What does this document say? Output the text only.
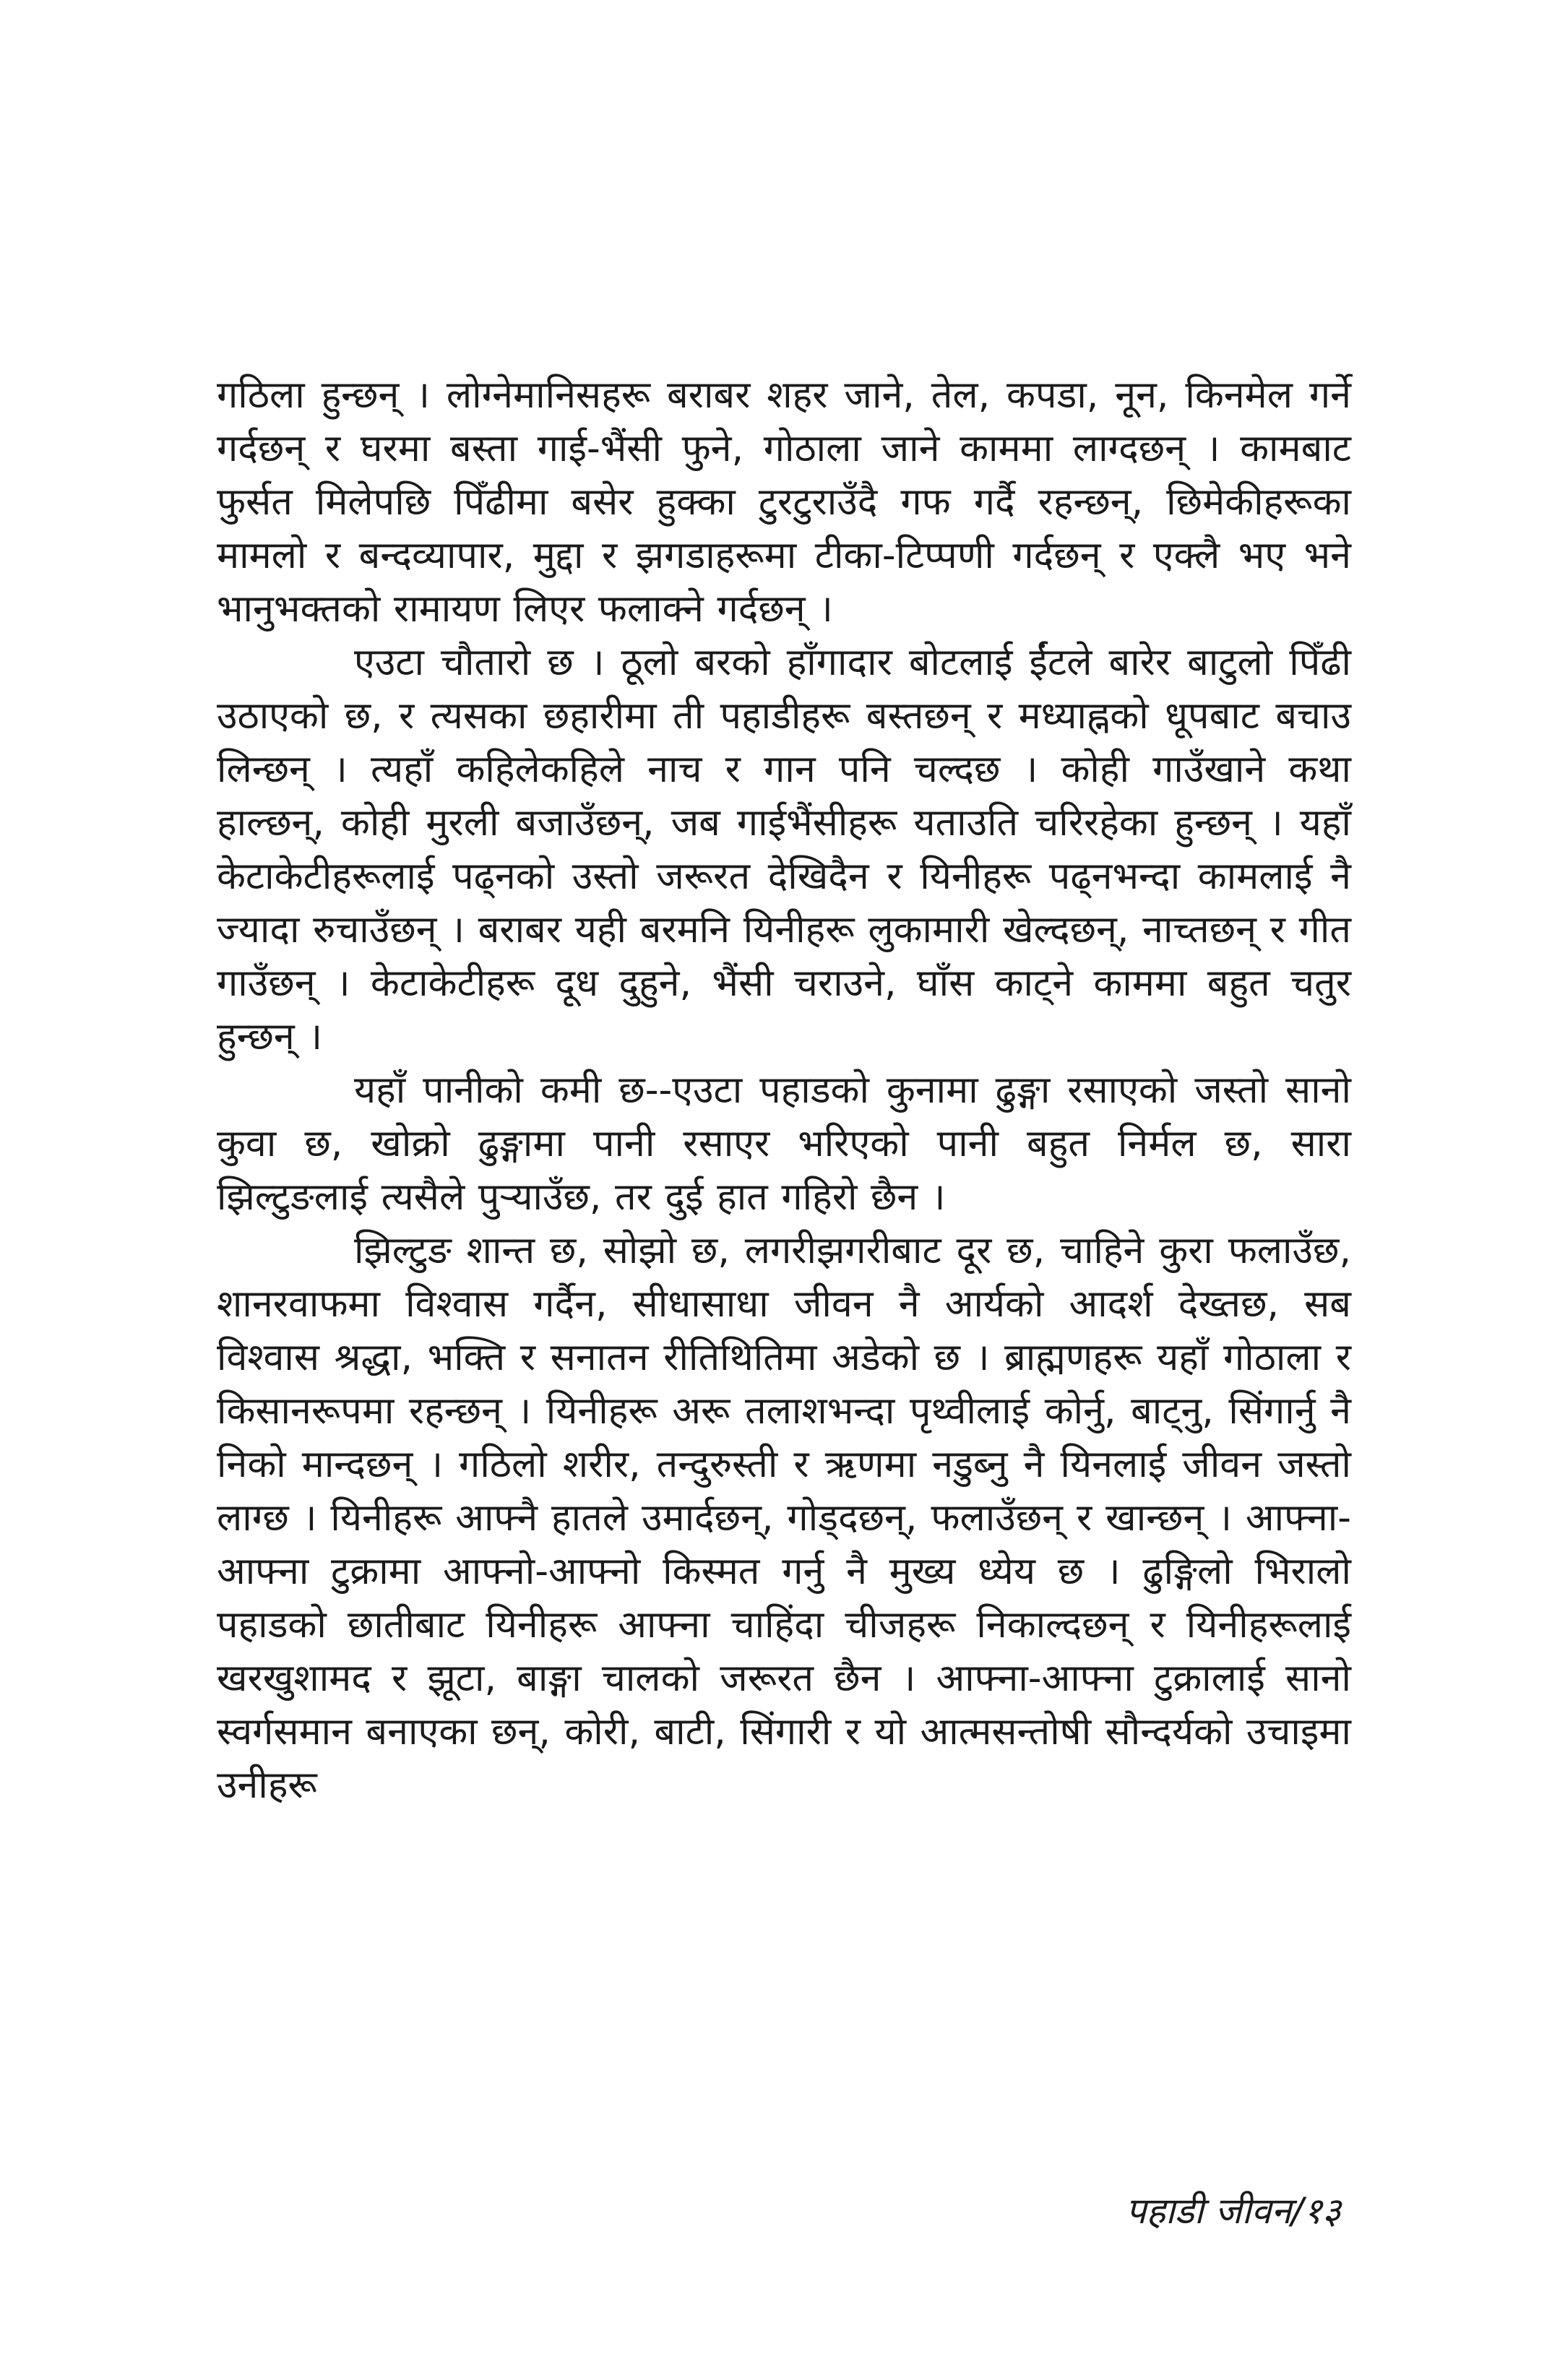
गठिला हुन्छन् । लोग्नेमानिसहरू बराबर शहर जाने, तेल, कपडा, नून, किनमेल गर्ने गर्दछन् र घरमा बस्ता गाई-भैंसी फुने, गोठाला जाने काममा लाग्दछन् । कामबाट फुर्सत मिलेपछि पिँढीमा बसेर हुक्का टुरटुराउँदै गफ गर्दै रहन्छन्, छिमेकीहरूका मामलो र बन्दव्यापार, मुद्दा र झगडाहरूमा टीका-टिप्पणी गर्दछन् र एक्लै भए भने भानुभक्तको रामायण लिएर फलाक्ने गर्दछन् ।

एउटा चौतारो छ । ठूलो बरको हाँगादार बोटलाई ईंटले बारेर बाटुलो पिँढी उठाएको छ, र त्यसका छहारीमा ती पहाडीहरू बस्तछन् र मध्याह्नको धूपबाट बचाउ लिन्छन् । त्यहाँ कहिलेकहिले नाच र गान पनि चल्दछ । कोही गाउँखाने कथा हाल्छन्, कोही मुरली बजाउँछन्, जब गाईभैंसीहरू यताउति चरिरहेका हुन्छन् । यहाँ केटाकेटीहरूलाई पढ्नको उस्तो जरूरत देखिदैन र यिनीहरू पढ्नभन्दा कामलाई नै ज्यादा रुचाउँछन् । बराबर यही बरमनि यिनीहरू लुकामारी खेल्दछन्, नाच्तछन् र गीत गाउँछन् । केटाकेटीहरू दूध दुहुने, भैंसी चराउने, घाँस काट्ने काममा बहुत चतुर हुन्छन् ।

यहाँ पानीको कमी छ--एउटा पहाडको कुनामा ढुङ्गा रसाएको जस्तो सानो कुवा छ, खोक्रो ढुङ्गामा पानी रसाएर भरिएको पानी बहुत निर्मल छ, सारा झिल्टुङलाई त्यसैले पुऱ्याउँछ, तर दुई हात गहिरो छैन ।

झिल्टुङ शान्त छ, सोझो छ, लगरीझगरीबाट दूर छ, चाहिने कुरा फलाउँछ, शानरवाफमा विश्वास गर्दैन, सीधासाधा जीवन नै आर्यको आदर्श देख्तछ, सब विश्वास श्रद्धा, भक्ति र सनातन रीतिथितिमा अडेको छ । ब्राह्मणहरू यहाँ गोठाला र किसानरूपमा रहन्छन् । यिनीहरू अरू तलाशभन्दा पृथ्वीलाई कोर्नु, बाट्नु, सिंगार्नु नै निको मान्दछन् । गठिलो शरीर, तन्दुरुस्ती र ऋणमा नडुब्नु नै यिनलाई जीवन जस्तो लाग्छ । यिनीहरू आफ्नै हातले उमार्दछन्, गोड्दछन्, फलाउँछन् र खान्छन् । आफ्ना-आफ्ना टुक्रामा आफ्नो-आफ्नो किस्मत गर्नु नै मुख्य ध्येय छ । ढुङ्गिलो भिरालो पहाडको छातीबाट यिनीहरू आफ्ना चाहिंदा चीजहरू निकाल्दछन् र यिनीहरूलाई खरखुशामद र झूटा, बाङ्गा चालको जरूरत छैन । आफ्ना-आफ्ना टुक्रालाई सानो स्वर्गसमान बनाएका छन्, कोरी, बाटी, सिंगारी र यो आत्मसन्तोषी सौन्दर्यको उचाइमा उनीहरू

पहाडी जीवन/१३
